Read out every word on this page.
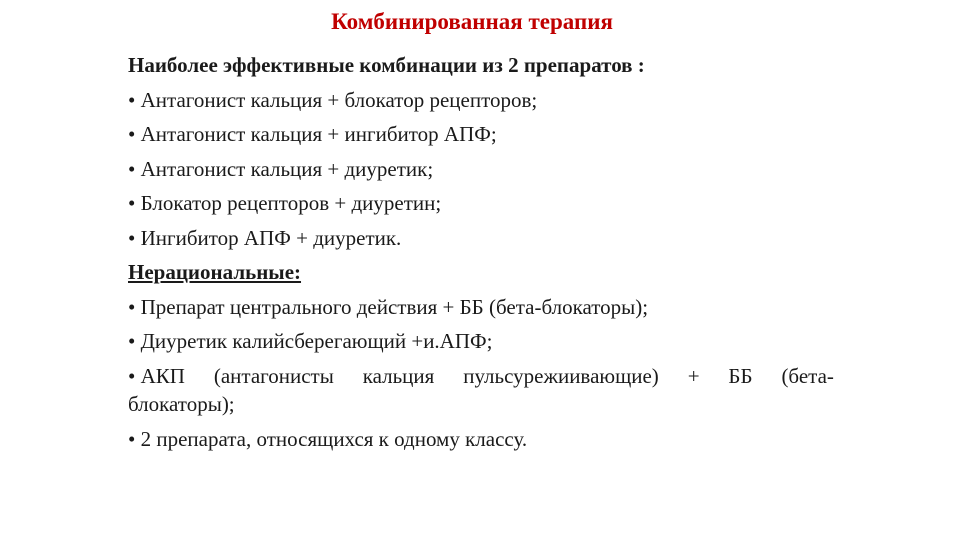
Комбинированная терапия
Наиболее эффективные комбинации из 2 препаратов :
• Антагонист кальция + блокатор рецепторов;
• Антагонист кальция + ингибитор АПФ;
• Антагонист кальция + диуретик;
• Блокатор рецепторов + диуретин;
• Ингибитор АПФ + диуретик.
Нерациональные:
• Препарат центрального действия + ББ (бета-блокаторы);
• Диуретик калийсберегающий +и.АПФ;
• АКП (антагонисты кальция пульсурежиивающие) + ББ (бета-
блокаторы);
• 2 препарата, относящихся к одному классу.
